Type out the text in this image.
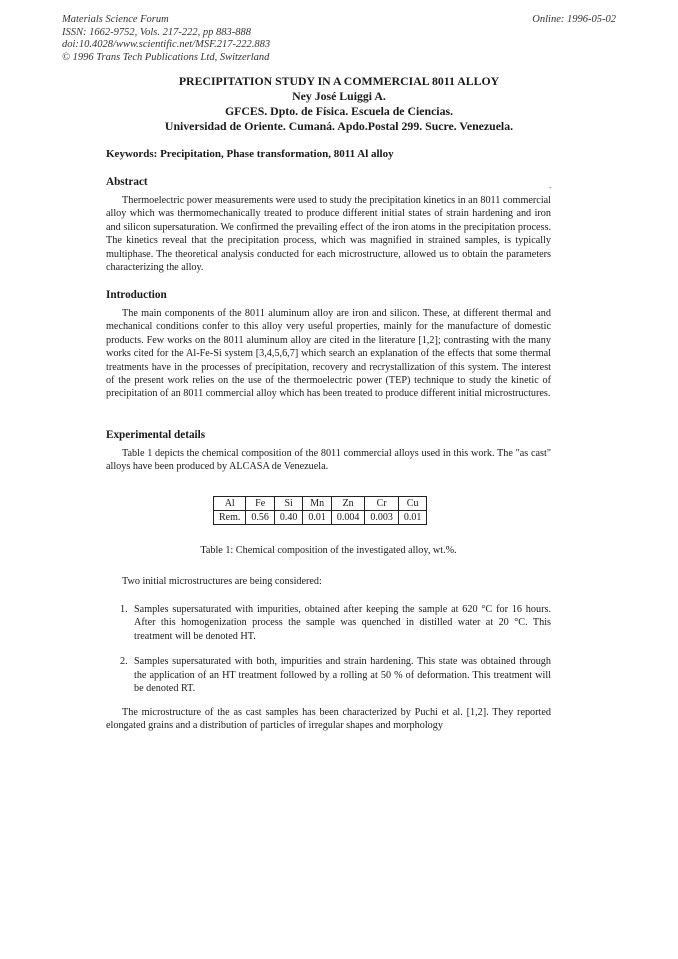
Materials Science Forum
ISSN: 1662-9752, Vols. 217-222, pp 883-888
doi:10.4028/www.scientific.net/MSF.217-222.883
© 1996 Trans Tech Publications Ltd, Switzerland
Online: 1996-05-02
PRECIPITATION STUDY IN A COMMERCIAL 8011 ALLOY
Ney José Luiggi A.
GFCES. Dpto. de Física. Escuela de Ciencias.
Universidad de Oriente. Cumaná. Apdo.Postal 299. Sucre. Venezuela.
Keywords: Precipitation, Phase transformation, 8011 Al alloy
Abstract

Thermoelectric power measurements were used to study the precipitation kinetics in an 8011 commercial alloy which was thermomechanically treated to produce different initial states of strain hardening and iron and silicon supersaturation. We confirmed the prevailing effect of the iron atoms in the precipitation process. The kinetics reveal that the precipitation process, which was magnified in strained samples, is typically multiphase. The theoretical analysis conducted for each microstructure, allowed us to obtain the parameters characterizing the alloy.

-
Introduction

The main components of the 8011 aluminum alloy are iron and silicon. These, at different thermal and mechanical conditions confer to this alloy very useful properties, mainly for the manufacture of domestic products. Few works on the 8011 aluminum alloy are cited in the literature [1,2]; contrasting with the many works cited for the Al-Fe-Si system [3,4,5,6,7] which search an explanation of the effects that some thermal treatments have in the processes of precipitation, recovery and recrystallization of this system. The interest of the present work relies on the use of the thermoelectric power (TEP) technique to study the kinetic of precipitation of an 8011 commercial alloy which has been treated to produce different initial microstructures.

Experimental details

Table 1 depicts the chemical composition of the 8011 commercial alloys used in this work. The "as cast" alloys have been produced by ALCASA de Venezuela.

Al	Fe	Si	Mn	Zn	Cr	Cu
Rem.	0.56	0.40	0.01	0.004	0.003	0.01
Table 1: Chemical composition of the investigated alloy, wt.%.
Two initial microstructures are being considered:
1. Samples supersaturated with impurities, obtained after keeping the sample at 620 °C for 16 hours. After this homogenization process the sample was quenched in distilled water at 20 °C. This treatment will be denoted HT.
2. Samples supersaturated with both, impurities and strain hardening. This state was obtained through the application of an HT treatment followed by a rolling at 50 % of deformation. This treatment will be denoted RT.

The microstructure of the as cast samples has been characterized by Puchi et al. [1,2]. They reported elongated grains and a distribution of particles of irregular shapes and morphology
